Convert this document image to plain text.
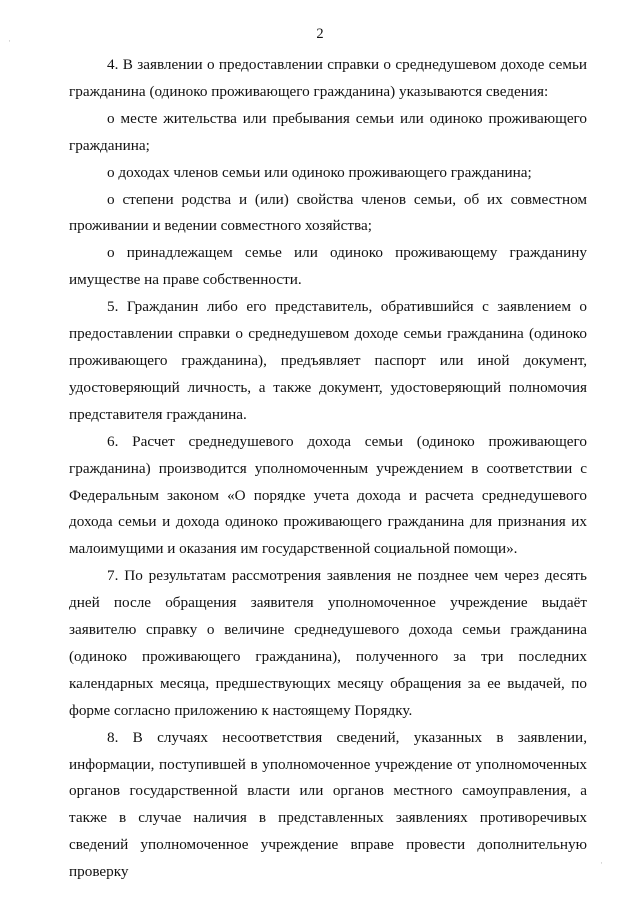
2

4. В заявлении о предоставлении справки о среднедушевом доходе семьи гражданина (одиноко проживающего гражданина) указываются сведения:

о месте жительства или пребывания семьи или одиноко проживающего гражданина;

о доходах членов семьи или одиноко проживающего гражданина;

о степени родства и (или) свойства членов семьи, об их совместном проживании и ведении совместного хозяйства;

о принадлежащем семье или одиноко проживающему гражданину имуществе на праве собственности.

5. Гражданин либо его представитель, обратившийся с заявлением о предоставлении справки о среднедушевом доходе семьи гражданина (одиноко проживающего гражданина), предъявляет паспорт или иной документ, удостоверяющий личность, а также документ, удостоверяющий полномочия представителя гражданина.

6. Расчет среднедушевого дохода семьи (одиноко проживающего гражданина) производится уполномоченным учреждением в соответствии с Федеральным законом «О порядке учета дохода и расчета среднедушевого дохода семьи и дохода одиноко проживающего гражданина для признания их малоимущими и оказания им государственной социальной помощи».

7. По результатам рассмотрения заявления не позднее чем через десять дней после обращения заявителя уполномоченное учреждение выдаёт заявителю справку о величине среднедушевого дохода семьи гражданина (одиноко проживающего гражданина), полученного за три последних календарных месяца, предшествующих месяцу обращения за ее выдачей, по форме согласно приложению к настоящему Порядку.

8. В случаях несоответствия сведений, указанных в заявлении, информации, поступившей в уполномоченное учреждение от уполномоченных органов государственной власти или органов местного самоуправления, а также в случае наличия в представленных заявлениях противоречивых сведений уполномоченное учреждение вправе провести дополнительную проверку

·
·
